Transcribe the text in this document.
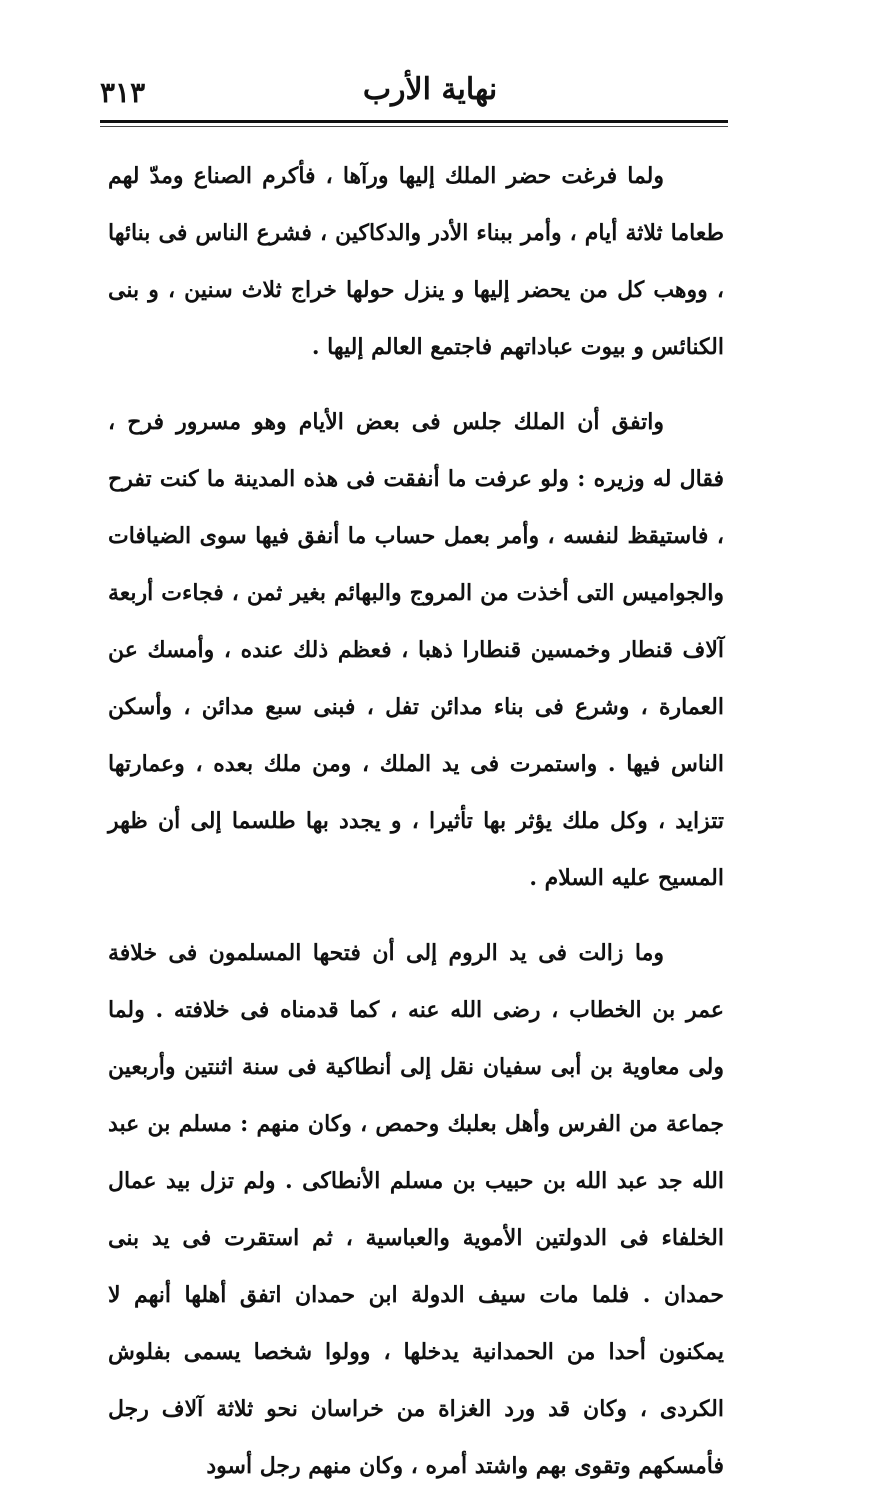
٣١٣	نهاية الأرب

ولما فرغت حضر الملك إليها ورآها ، فأكرم الصناع ومدّ لهم طعاما ثلاثة أيام ، وأمر ببناء الأدر والدكاكين ، فشرع الناس فى بنائها ، ووهب كل من يحضر إليها و ينزل حولها خراج ثلاث سنين ، و بنى الكنائس و بيوت عباداتهم فاجتمع العالم إليها .

واتفق أن الملك جلس فى بعض الأيام وهو مسرور فرح ، فقال له وزيره : ولو عرفت ما أنفقت فى هذه المدينة ما كنت تفرح ، فاستيقظ لنفسه ، وأمر بعمل حساب ما أنفق فيها سوى الضيافات والجواميس التى أخذت من المروج والبهائم بغير ثمن ، فجاءت أربعة آلاف قنطار وخمسين قنطارا ذهبا ، فعظم ذلك عنده ، وأمسك عن العمارة ، وشرع فى بناء مدائن تفل ، فبنى سبع مدائن ، وأسكن الناس فيها . واستمرت فى يد الملك ، ومن ملك بعده ، وعمارتها تتزايد ، وكل ملك يؤثر بها تأثيرا ، و يجدد بها طلسما إلى أن ظهر المسيح عليه السلام .

وما زالت فى يد الروم إلى أن فتحها المسلمون فى خلافة عمر بن الخطاب ، رضى الله عنه ، كما قدمناه فى خلافته . ولما ولى معاوية بن أبى سفيان نقل إلى أنطاكية فى سنة اثنتين وأربعين جماعة من الفرس وأهل بعلبك وحمص ، وكان منهم : مسلم بن عبد الله جد عبد الله بن حبيب بن مسلم الأنطاكى . ولم تزل بيد عمال الخلفاء فى الدولتين الأموية والعباسية ، ثم استقرت فى يد بنى حمدان . فلما مات سيف الدولة ابن حمدان اتفق أهلها أنهم لا يمكنون أحدا من الحمدانية يدخلها ، وولوا شخصا يسمى بفلوش الكردى ، وكان قد ورد الغزاة من خراسان نحو ثلاثة آلاف رجل فأمسكهم وتقوى بهم واشتد أمره ، وكان منهم رجل أسود
